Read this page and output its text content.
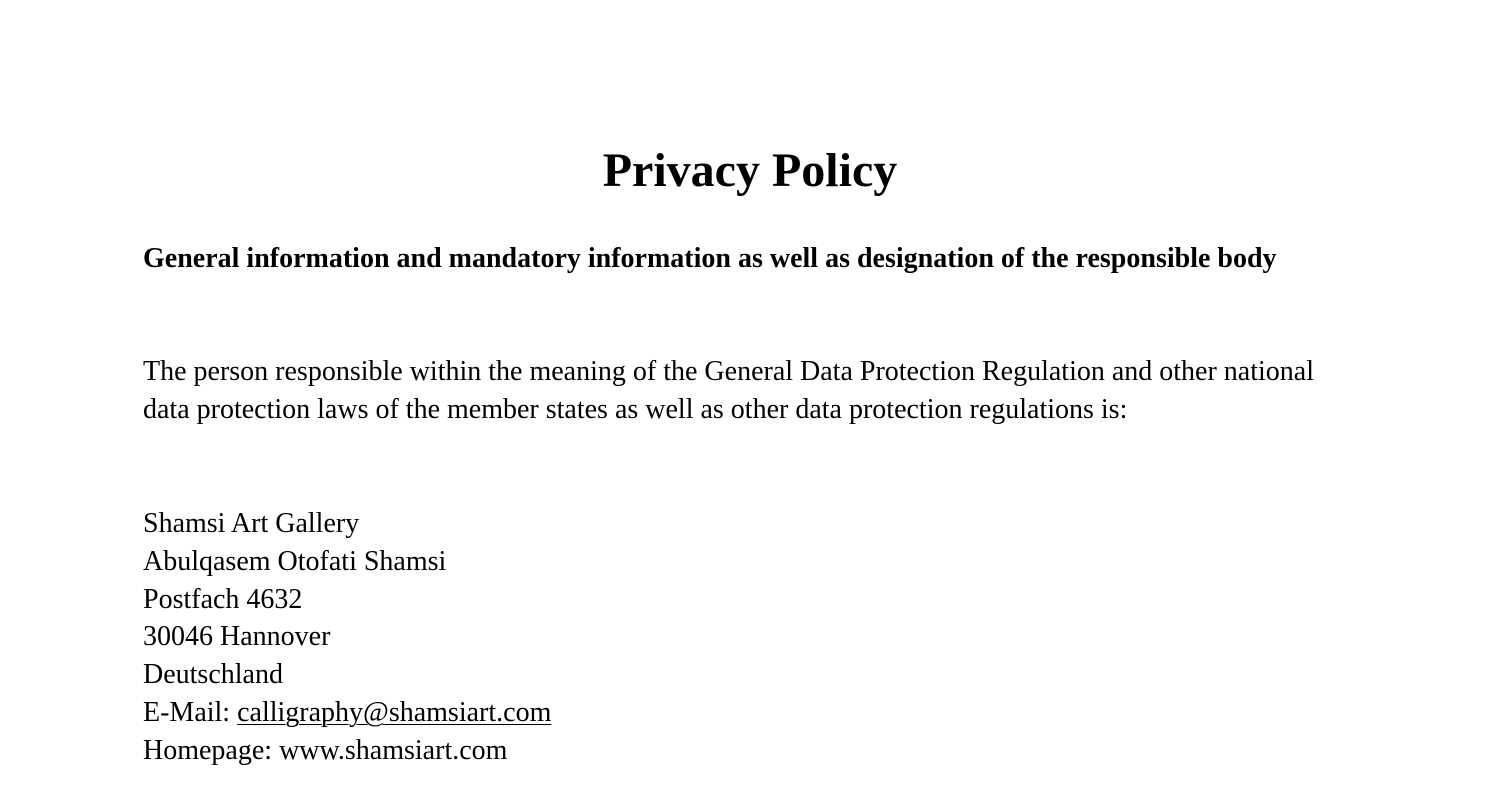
Privacy Policy
General information and mandatory information as well as designation of the responsible body

The person responsible within the meaning of the General Data Protection Regulation and other national data protection laws of the member states as well as other data protection regulations is:

Shamsi Art Gallery
Abulqasem Otofati Shamsi
Postfach 4632
30046 Hannover
Deutschland
E-Mail: calligraphy@shamsiart.com
Homepage: www.shamsiart.com
